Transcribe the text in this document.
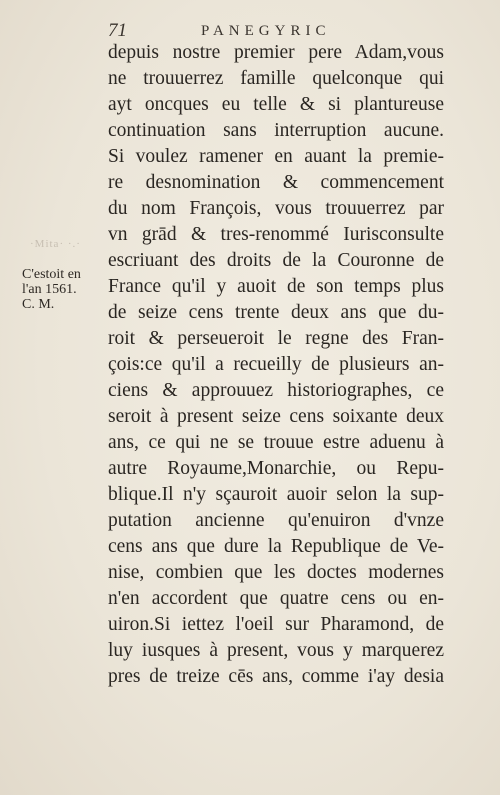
·Mita· ·.·
71	PANEGYRIC
C'estoit en
l'an 1561.
C. M.
depuis nostre premier pere Adam,vous
ne trouuerrez famille quelconque qui
ayt oncques eu telle & si plantureuse
continuation sans interruption aucune.
Si voulez ramener en auant la premie-
re desnomination & commencement
du nom François, vous trouuerrez par
vn grād & tres-renommé Iurisconsulte
escriuant des droits de la Couronne de
France qu'il y auoit de son temps plus
de seize cens trente deux ans que du-
roit & perseueroit le regne des Fran-
çois:ce qu'il a recueilly de plusieurs an-
ciens & approuuez historiographes, ce
seroit à present seize cens soixante deux
ans, ce qui ne se trouue estre aduenu à
autre Royaume,Monarchie, ou Repu-
blique.Il n'y sçauroit auoir selon la sup-
putation ancienne qu'enuiron d'vnze
cens ans que dure la Republique de Ve-
nise, combien que les doctes modernes
n'en accordent que quatre cens ou en-
uiron.Si iettez l'oeil sur Pharamond, de
luy iusques à present, vous y marquerez
pres de treize cēs ans, comme i'ay desia
